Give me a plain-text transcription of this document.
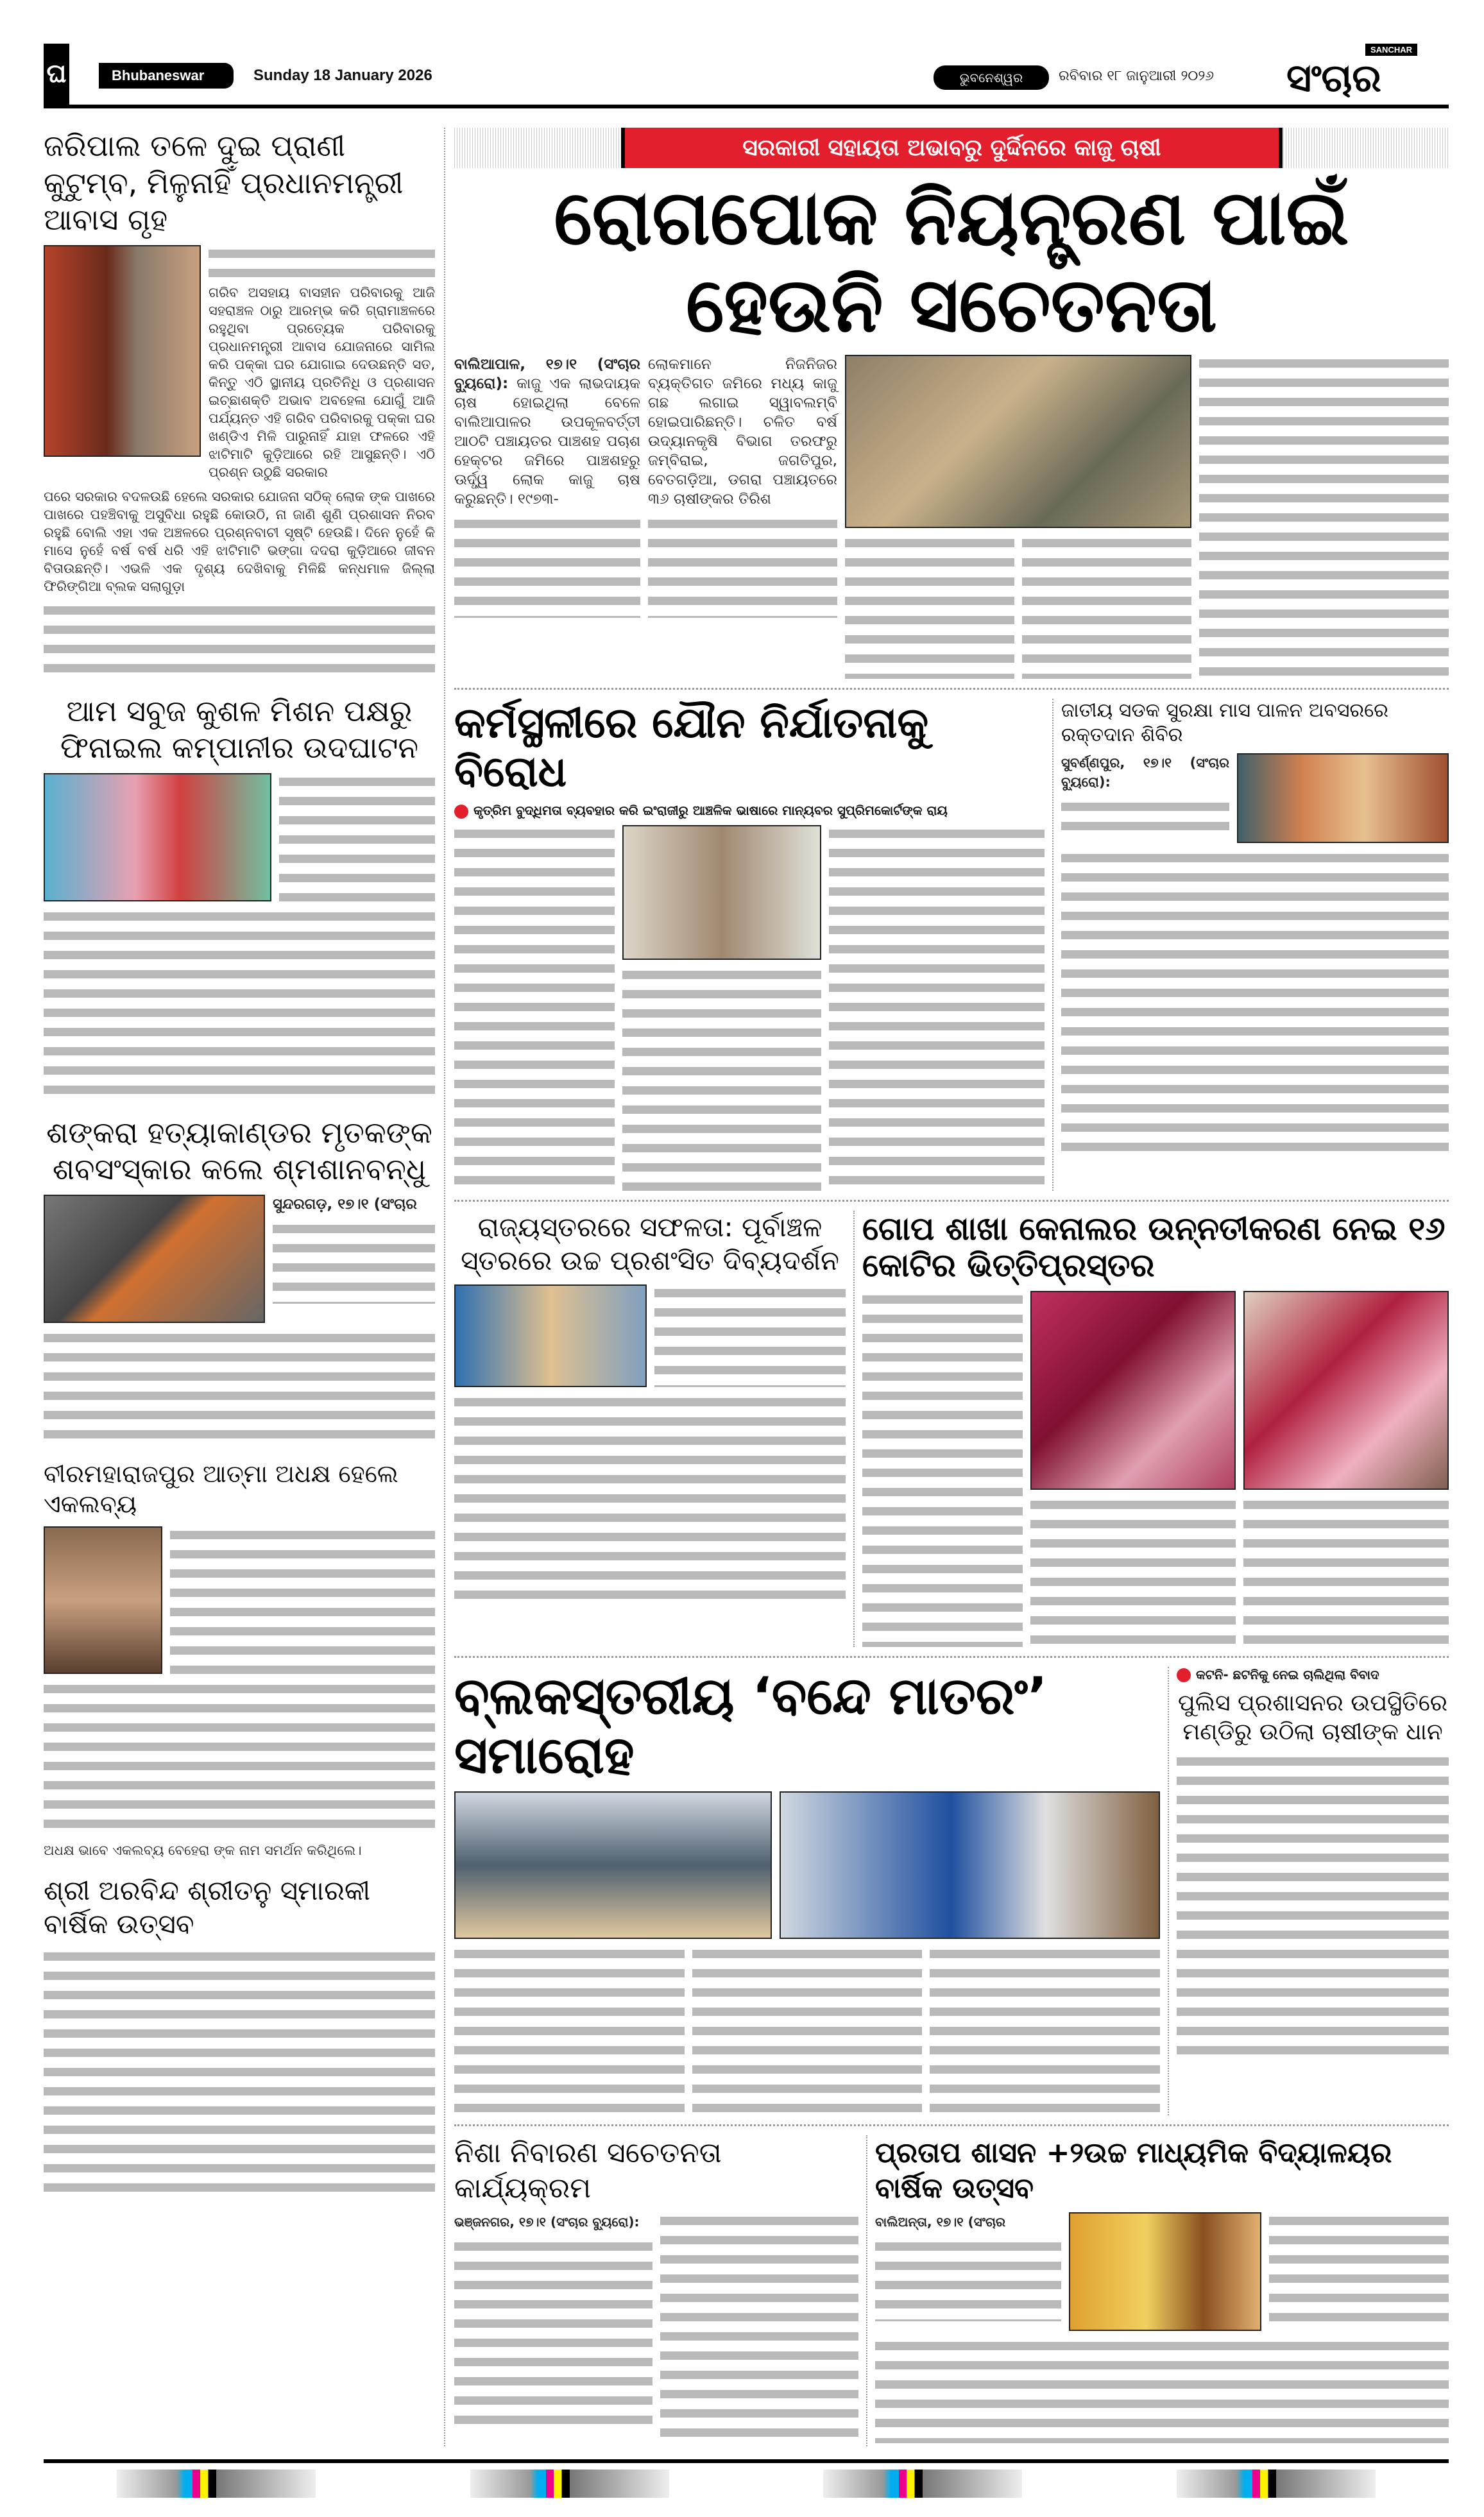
ଘ	Bhubaneswar	Sunday 18 January 2026	ଭୁବନେଶ୍ୱର	ରବିବାର ୧୮ ଜାନୁଆରୀ ୨୦୨୬ ସଂଚାର
SANCHAR
ଜରିପାଲ ତଳେ ଦୁଇ ପ୍ରାଣୀ କୁଟୁମ୍ବ, ମିଳୁନାହିଁ ପ୍ରଧାନମନ୍ତ୍ରୀ ଆବାସ ଗୃହ
ଗରିବ ଅସହାୟ ବାସହୀନ ପରିବାରକୁ ଆଜି ସହରାଞ୍ଚଳ ଠାରୁ ଆରମ୍ଭ କରି ଗ୍ରାମାଞ୍ଚଳରେ ରହୁଥିବା ପ୍ରତ୍ୟେକ ପରିବାରକୁ ପ୍ରଧାନମନ୍ତ୍ରୀ ଆବାସ ଯୋଜନାରେ ସାମିଲ କରି ପକ୍କା ଘର ଯୋଗାଇ ଦେଉଛନ୍ତି ସତ, କିନ୍ତୁ ଏଠି ସ୍ଥାନୀୟ ପ୍ରତିନିଧି ଓ ପ୍ରଶାସନ ଇଚ୍ଛାଶକ୍ତି ଅଭାବ ଅବହେଳା ଯୋଗୁଁ ଆଜି ପର୍ଯ୍ୟନ୍ତ ଏହି ଗରିବ ପରିବାରକୁ ପକ୍କା ଘର ଖଣ୍ଡିଏ ମିଳି ପାରୁନାହିଁ ଯାହା ଫଳରେ ଏହି ଝାଟିମାଟି କୁଡ଼ିଆରେ ରହି ଆସୁଛନ୍ତି। ଏଠି ପ୍ରଶ୍ନ ଉଠୁଛି ସରକାର
ପରେ ସରକାର ବଦଳଉଛି ହେଲେ ସରକାର ଯୋଜନା ସଠିକ୍ ଲୋକ ଙ୍କ ପାଖରେ ପାଖରେ ପହଞ୍ଚିବାକୁ ଅସୁବିଧା ରହୁଛି କୋଉଠି, ନା ଜାଣି ଶୁଣି ପ୍ରଶାସନ ନିରବ ରହୁଛି ବୋଲି ଏହା ଏକ ଅଞ୍ଚଳରେ ପ୍ରଶ୍ନବାଚୀ ସୃଷ୍ଟି ହେଉଛି। ଦିନେ ନୁହେଁ କି ମାସେ ନୁହେଁ ବର୍ଷ ବର୍ଷ ଧରି ଏହି ଝାଟିମାଟି ଭଙ୍ଗା ଦଦରା କୁଡ଼ିଆରେ ଜୀବନ ବିତାଉଛନ୍ତି। ଏଭଳି ଏକ ଦୃଶ୍ୟ ଦେଖିବାକୁ ମିଳିଛି କନ୍ଧମାଳ ଜିଲ୍ଲା ଫିରିଙ୍ଗିଆ ବ୍ଲକ ସଲାଗୁଡ଼ା
ଆମ ସବୁଜ କୁଶଳ ମିଶନ ପକ୍ଷରୁ ଫିନାଇଲ କମ୍ପାନୀର ଉଦଘାଟନ
ଶଙ୍କରା ହତ୍ୟାକାଣ୍ଡର ମୃତକଙ୍କ ଶବସଂସ୍କାର କଲେ ଶ୍ମଶାନବନ୍ଧୁ
ସୁନ୍ଦରଗଡ଼, ୧୭।୧ (ସଂଚାର
ବୀରମହାରାଜପୁର ଆତ୍ମା ଅଧକ୍ଷ ହେଲେ ଏକଲବ୍ୟ
ଅଧକ୍ଷ ଭାବେ ଏକଲବ୍ୟ ବେହେରା ଙ୍କ ନାମ ସମର୍ଥନ କରିଥିଲେ।
ଶ୍ରୀ ଅରବିନ୍ଦ ଶ୍ରୀତନୁ ସ୍ମାରକୀ ବାର୍ଷିକ ଉତ୍ସବ
ସରକାରୀ ସହାୟତା ଅଭାବରୁ ଦୁର୍ଦ୍ଦିନରେ କାଜୁ ଚାଷୀ
ରୋଗପୋକ ନିୟନ୍ତ୍ରଣ ପାଇଁ ହେଉନି ସଚେତନତା
ବାଲିଆପାଳ, ୧୭।୧ (ସଂଚାର ବ୍ୟୁରୋ): କାଜୁ ଏକ ଲାଭଦାୟକ ଚାଷ ହୋଇଥିଲା ବେଳେ ବାଲିଆପାଳର ଉପକୂଳବର୍ତ୍ତୀ ଆଠଟି ପଞ୍ଚାୟତର ପାଞ୍ଚଶହ ପଚାଶ ହେକ୍ଟର ଜମିରେ ପାଞ୍ଚଶହରୁ ଊର୍ଦ୍ଧ୍ୱ ଲୋକ କାଜୁ ଚାଷ କରୁଛନ୍ତି। ୧୯୭୩-
ଲୋକମାନେ ନିଜନିଜର ବ୍ୟକ୍ତିଗତ ଜମିରେ ମଧ୍ୟ କାଜୁ ଗଛ ଲଗାଇ ସ୍ୱାବଲମ୍ବି ହୋଇପାରିଛନ୍ତି। ଚଳିତ ବର୍ଷ ଉଦ୍ୟାନକୃଷି ବିଭାଗ ତରଫରୁ ଜମ୍ବିରାଇ, ଜଗତିପୁର, ବେତଗଡ଼ିଆ, ଡଗରା ପଞ୍ଚାୟତରେ ୩୬ ଚାଷୀଙ୍କର ତିରିଶ
କର୍ମସ୍ଥଳୀରେ ଯୌନ ନିର୍ଯାତନାକୁ ବିରୋଧ
କୃତ୍ରିମ ବୁଦ୍ଧିମତା ବ୍ୟବହାର କରି ଇଂରାଜୀରୁ ଆଞ୍ଚଳିକ ଭାଷାରେ ମାନ୍ୟବର ସୁପ୍ରିମକୋର୍ଟଙ୍କ ରାୟ
ଜାତୀୟ ସଡକ ସୁରକ୍ଷା ମାସ ପାଳନ ଅବସରରେ ରକ୍ତଦାନ ଶିବିର
ସୁବର୍ଣ୍ଣପୁର, ୧୭।୧ (ସଂଚାର ବ୍ୟୁରୋ):
ରାଜ୍ୟସ୍ତରରେ ସଫଳତା: ପୂର୍ବାଞ୍ଚଳ ସ୍ତରରେ ଉଚ୍ଚ ପ୍ରଶଂସିତ ଦିବ୍ୟଦର୍ଶନ
ଗୋପ ଶାଖା କେନାଲର ଉନ୍ନତୀକରଣ ନେଇ ୧୬ କୋଟିର ଭିତ୍ତିପ୍ରସ୍ତର
ବ୍ଲକସ୍ତରୀୟ ‘ବନ୍ଦେ ମାତରଂ’ ସମାରୋହ
କଟନି- ଛଟନିକୁ ନେଇ ଚାଲିଥିଲା ବିବାଦ
ପୁଲିସ ପ୍ରଶାସନର ଉପସ୍ଥିତିରେ ମଣ୍ଡିରୁ ଉଠିଲା ଚାଷୀଙ୍କ ଧାନ
ନିଶା ନିବାରଣ ସଚେତନତା କାର୍ଯ୍ୟକ୍ରମ
ଭଞ୍ଜନଗର, ୧୭।୧ (ସଂଚାର ବ୍ୟୁରୋ):
ପ୍ରତାପ ଶାସନ +୨ଉଚ୍ଚ ମାଧ୍ୟମିକ ବିଦ୍ୟାଳୟର ବାର୍ଷିକ ଉତ୍ସବ
ବାଲିଅନ୍ତା, ୧୭।୧ (ସଂଚାର
